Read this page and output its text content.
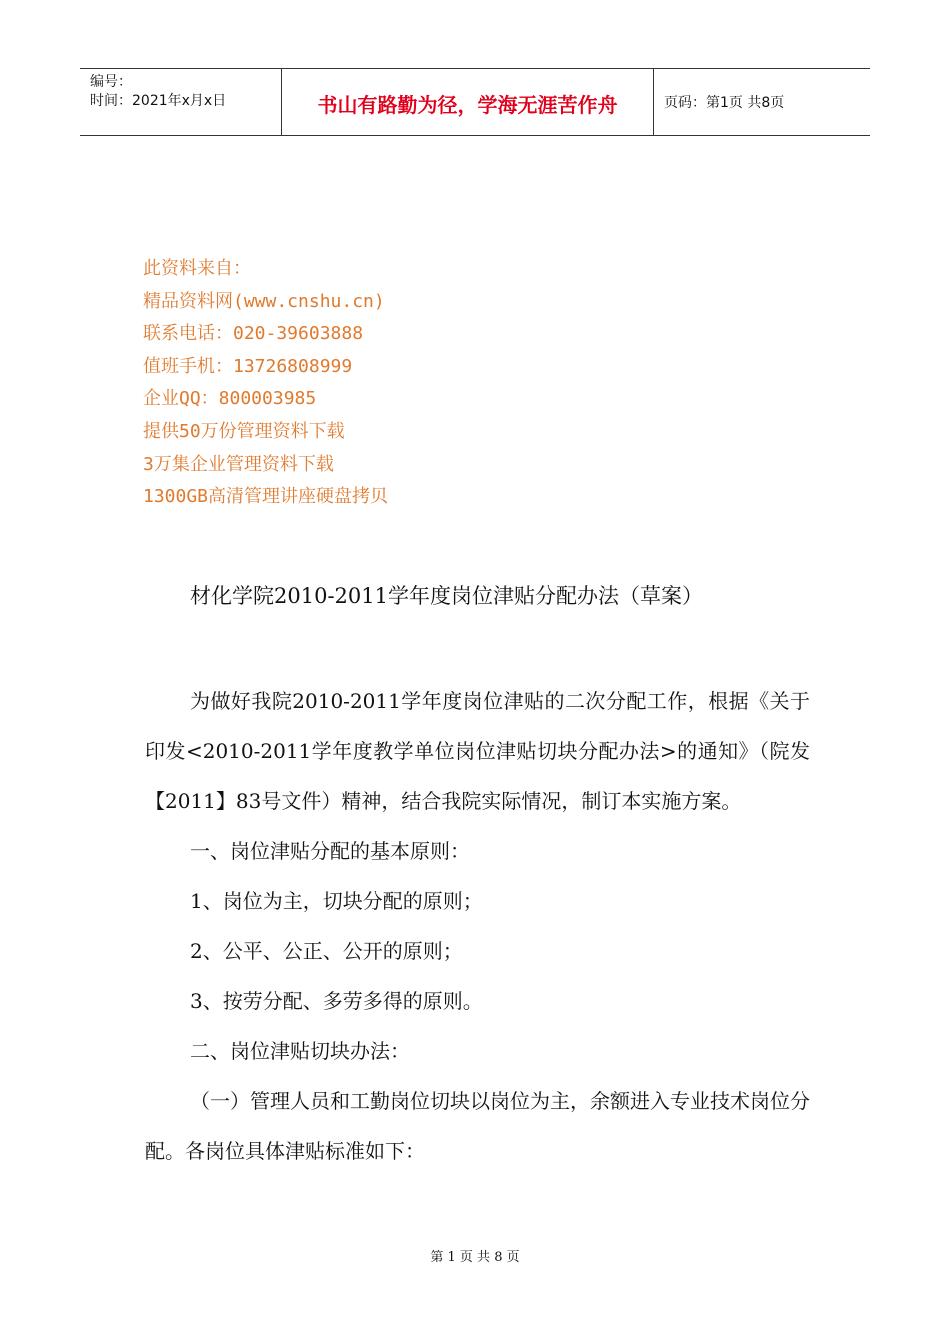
编号：
时间：2021年x月x日	书山有路勤为径，学海无涯苦作舟	页码：第1页 共8页
此资料来自：
精品资料网(www.cnshu.cn)
联系电话：020-39603888
值班手机：13726808999
企业QQ：800003985
提供50万份管理资料下载
3万集企业管理资料下载
1300GB高清管理讲座硬盘拷贝
材化学院2010-2011学年度岗位津贴分配办法（草案）

为做好我院2010-2011学年度岗位津贴的二次分配工作，根据《关于印发<2010-2011学年度教学单位岗位津贴切块分配办法>的通知》（院发【2011】83号文件）精神，结合我院实际情况，制订本实施方案。

一、岗位津贴分配的基本原则：

1、岗位为主，切块分配的原则；

2、公平、公正、公开的原则；

3、按劳分配、多劳多得的原则。

二、岗位津贴切块办法：

（一）管理人员和工勤岗位切块以岗位为主，余额进入专业技术岗位分配。各岗位具体津贴标准如下：

第 1 页 共 8 页
